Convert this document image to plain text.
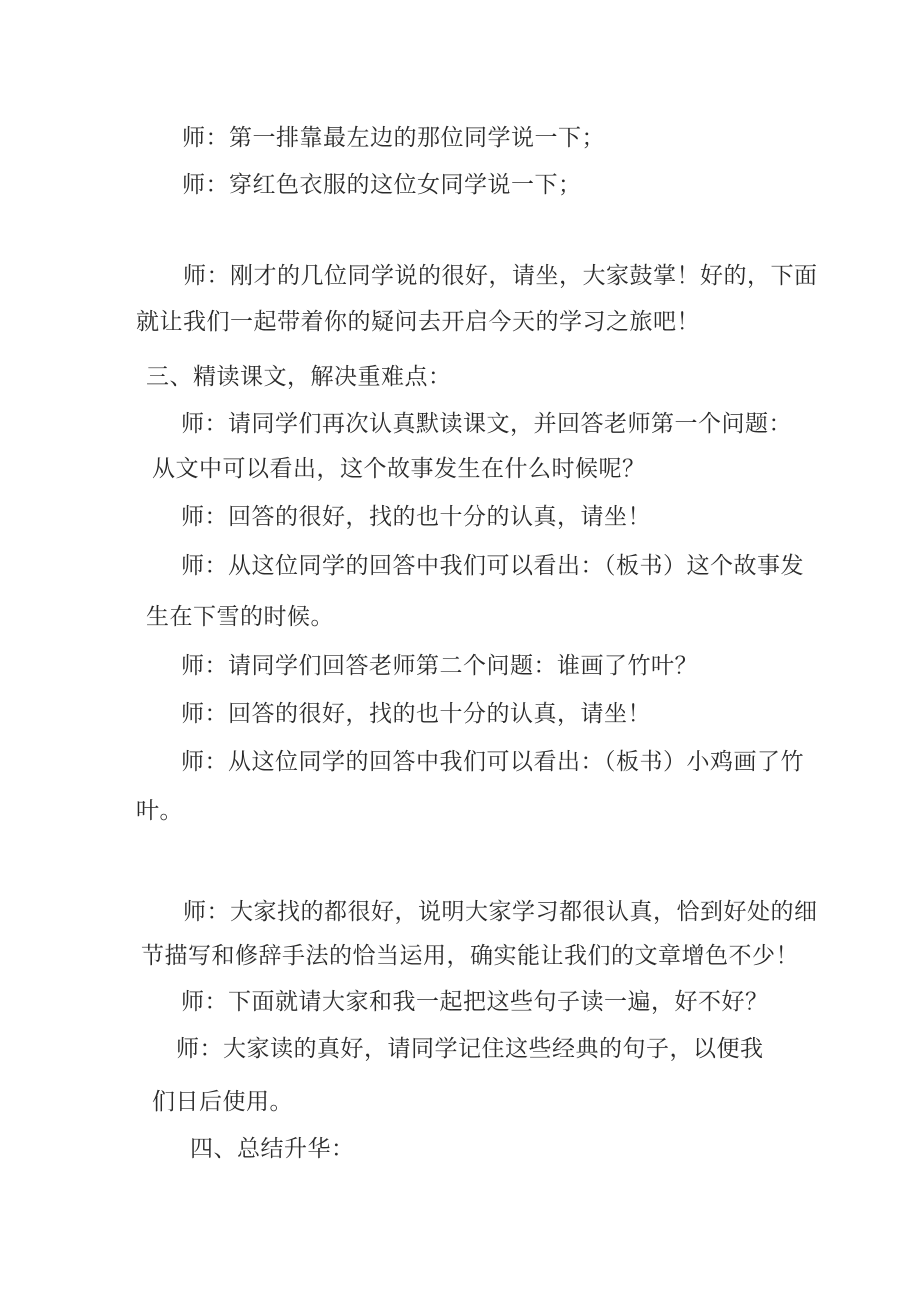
师：第一排靠最左边的那位同学说一下；
师：穿红色衣服的这位女同学说一下；
师：刚才的几位同学说的很好，请坐，大家鼓掌！好的，下面
就让我们一起带着你的疑问去开启今天的学习之旅吧！
三、精读课文，解决重难点：
师：请同学们再次认真默读课文，并回答老师第一个问题：
从文中可以看出，这个故事发生在什么时候呢？
师：回答的很好，找的也十分的认真，请坐！
师：从这位同学的回答中我们可以看出：（板书）这个故事发
生在下雪的时候。
师：请同学们回答老师第二个问题：谁画了竹叶？
师：回答的很好，找的也十分的认真，请坐！
师：从这位同学的回答中我们可以看出：（板书）小鸡画了竹
叶。
师：大家找的都很好，说明大家学习都很认真，恰到好处的细
节描写和修辞手法的恰当运用，确实能让我们的文章增色不少！
师：下面就请大家和我一起把这些句子读一遍，好不好？
师：大家读的真好，请同学记住这些经典的句子，以便我
们日后使用。
四、总结升华：
